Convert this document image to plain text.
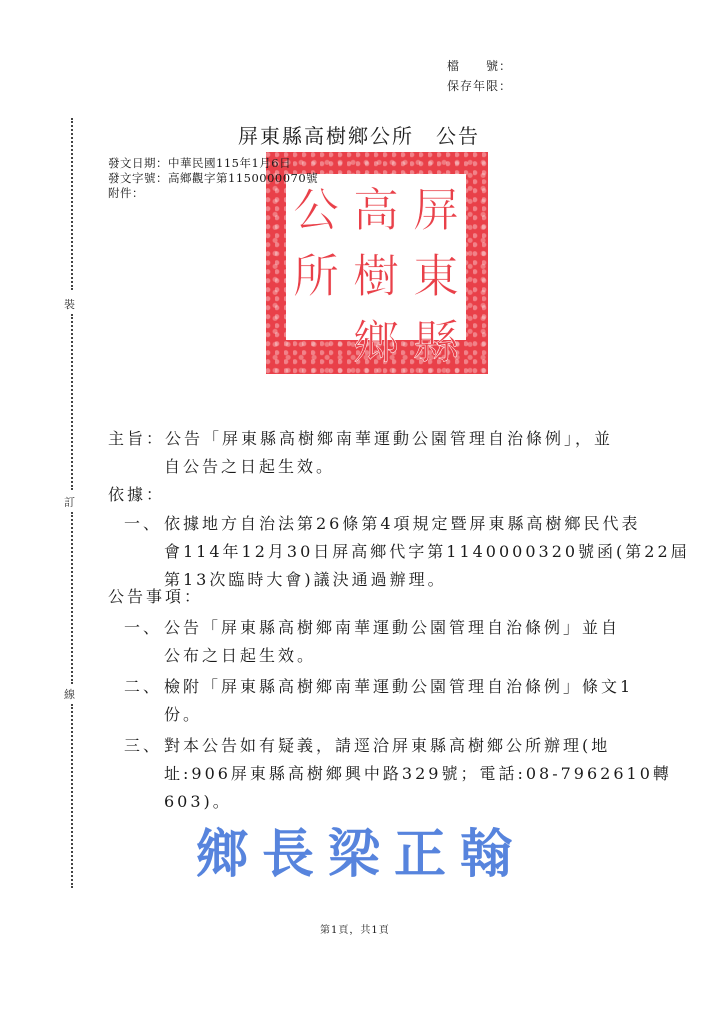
檔　　號：
保存年限：
裝
訂
線
屏東縣高樹鄉公所　公告
屏
高
公
東
樹
所
縣
鄉
發文日期：中華民國115年1月6日
發文字號：高鄉觀字第1150000070號
附件：
主旨：公告「屏東縣高樹鄉南華運動公園管理自治條例」，並
自公告之日起生效。
依據：
一、 依據地方自治法第26條第4項規定暨屏東縣高樹鄉民代表
會114年12月30日屏高鄉代字第1140000320號函(第22屆
第13次臨時大會)議決通過辦理。
公告事項：
一、 公告「屏東縣高樹鄉南華運動公園管理自治條例」並自
公布之日起生效。
二、 檢附「屏東縣高樹鄉南華運動公園管理自治條例」條文1
份。
三、 對本公告如有疑義，請逕洽屏東縣高樹鄉公所辦理(地
址:906屏東縣高樹鄉興中路329號；電話:08-7962610轉
603)。
鄉長梁正翰
第1頁，共1頁
